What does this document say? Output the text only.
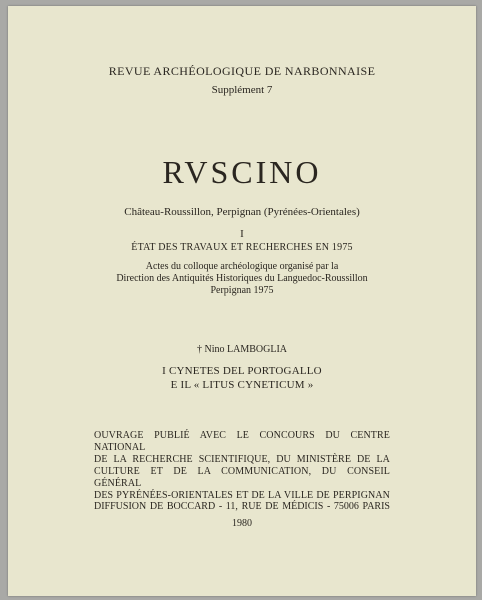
REVUE ARCHÉOLOGIQUE DE NARBONNAISE
Supplément 7
RVSCINO
Château-Roussillon, Perpignan (Pyrénées-Orientales)
I
ÉTAT DES TRAVAUX ET RECHERCHES EN 1975
Actes du colloque archéologique organisé par la
Direction des Antiquités Historiques du Languedoc-Roussillon
Perpignan 1975
† Nino LAMBOGLIA
I CYNETES DEL PORTOGALLO
E IL « LITUS CYNETICUM »
OUVRAGE PUBLIÉ AVEC LE CONCOURS DU CENTRE NATIONAL
DE LA RECHERCHE SCIENTIFIQUE, DU MINISTÈRE DE LA
CULTURE ET DE LA COMMUNICATION, DU CONSEIL GÉNÉRAL
DES PYRÉNÉES-ORIENTALES ET DE LA VILLE DE PERPIGNAN
DIFFUSION DE BOCCARD - 11, RUE DE MÉDICIS - 75006 PARIS
1980
